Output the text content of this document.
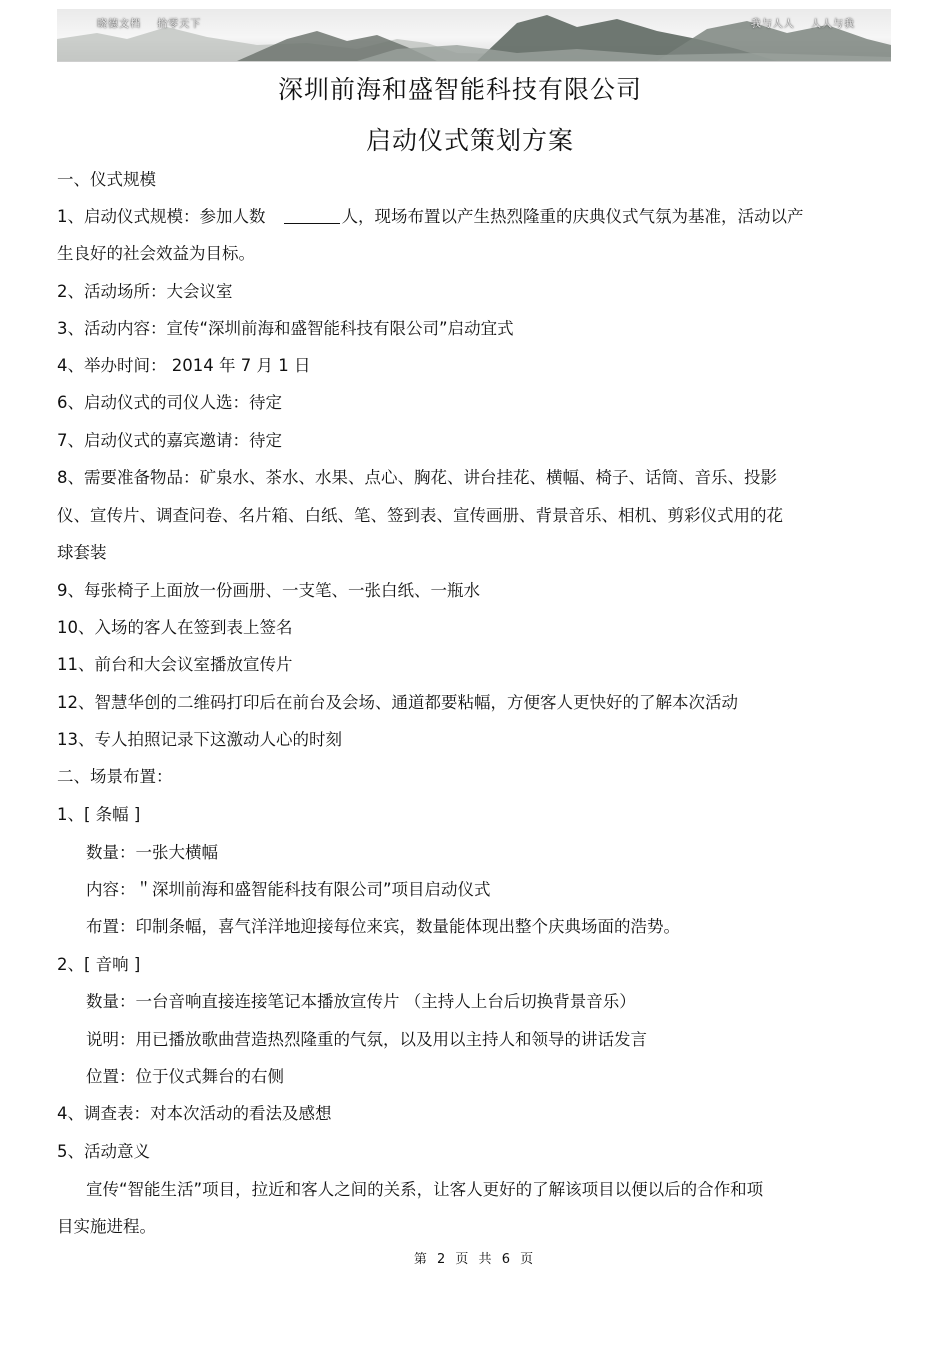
晓德文档 拾零天下	我与人人 人人与我
深圳前海和盛智能科技有限公司
启动仪式策划方案
一、仪式规模
1、启动仪式规模：参加人数	人，现场布置以产生热烈隆重的庆典仪式气氛为基准，活动以产
生良好的社会效益为目标。
2、活动场所：大会议室
3、活动内容：宣传“深圳前海和盛智能科技有限公司”启动宜式
4、举办时间： 2014 年 7 月 1 日
6、启动仪式的司仪人选：待定
7、启动仪式的嘉宾邀请：待定
8、需要准备物品：矿泉水、茶水、水果、点心、胸花、讲台挂花、横幅、椅子、话筒、音乐、投影
仪、宣传片、调查问卷、名片箱、白纸、笔、签到表、宣传画册、背景音乐、相机、剪彩仪式用的花
球套装
9、每张椅子上面放一份画册、一支笔、一张白纸、一瓶水
10、入场的客人在签到表上签名
11、前台和大会议室播放宣传片
12、智慧华创的二维码打印后在前台及会场、通道都要粘幅，方便客人更快好的了解本次活动
13、专人拍照记录下这激动人心的时刻
二、场景布置：
1、[ 条幅 ]
数量：一张大横幅
内容：＂深圳前海和盛智能科技有限公司”项目启动仪式
布置：印制条幅，喜气洋洋地迎接每位来宾，数量能体现出整个庆典场面的浩势。
2、[ 音响 ]
数量：一台音响直接连接笔记本播放宣传片 （主持人上台后切换背景音乐）
说明：用已播放歌曲营造热烈隆重的气氛，以及用以主持人和领导的讲话发言
位置：位于仪式舞台的右侧
4、调查表：对本次活动的看法及感想
5、活动意义
宣传“智能生活”项目，拉近和客人之间的关系，让客人更好的了解该项目以便以后的合作和项
目实施进程。
第 2 页 共 6 页
